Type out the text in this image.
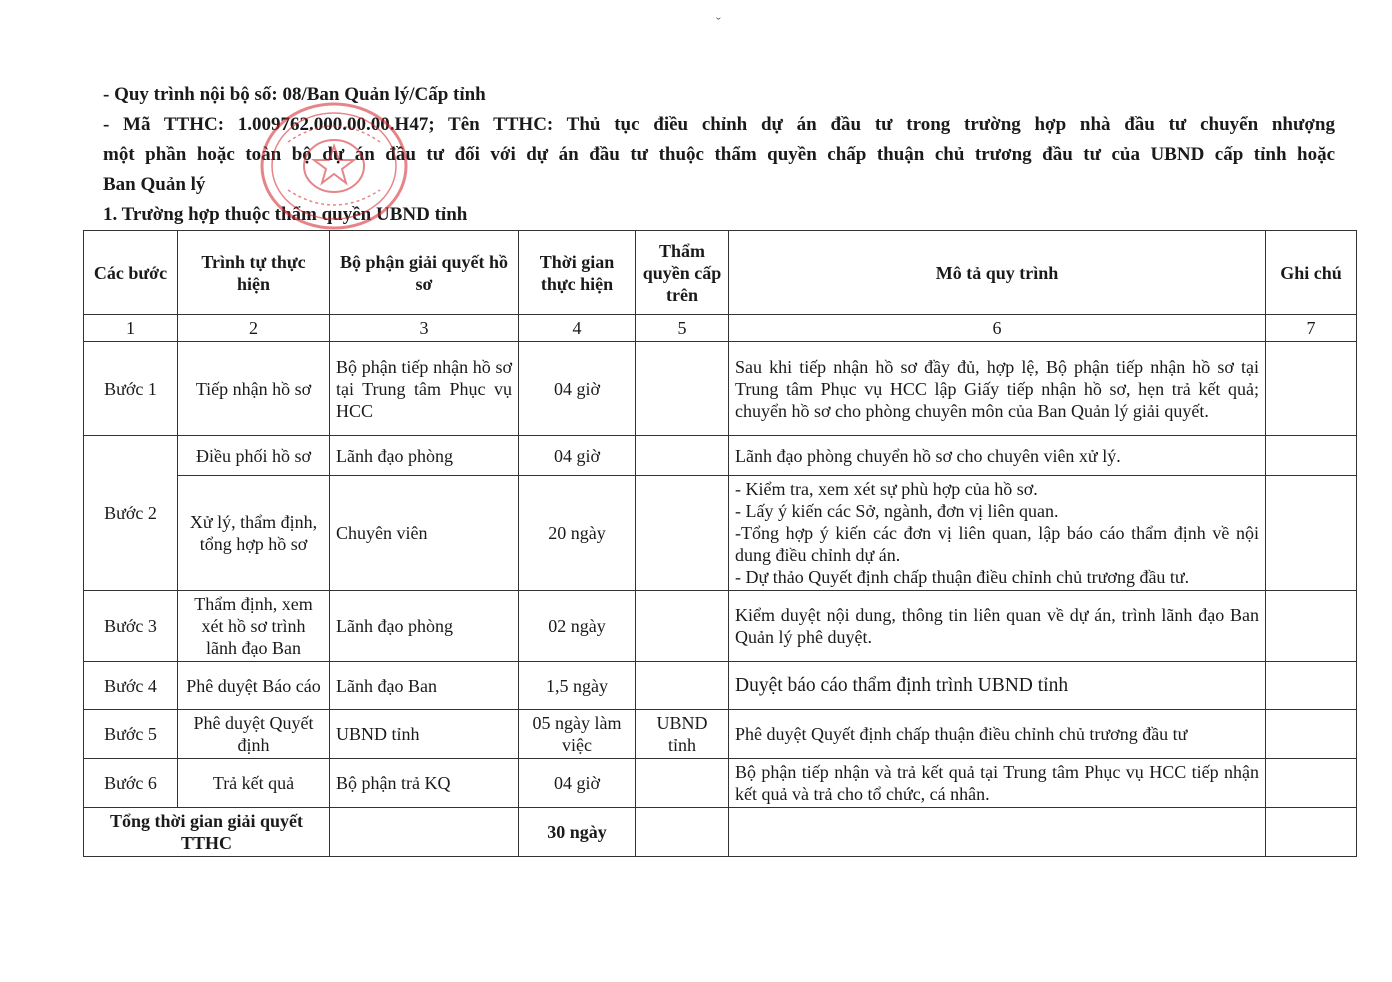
ˇ
- Quy trình nội bộ số: 08/Ban Quản lý/Cấp tỉnh
- Mã TTHC: 1.009762.000.00.00.H47; Tên TTHC: Thủ tục điều chỉnh dự án đầu tư trong trường hợp nhà đầu tư chuyển nhượng
một phần hoặc toàn bộ dự án đầu tư đối với dự án đầu tư thuộc thẩm quyền chấp thuận chủ trương đầu tư của UBND cấp tỉnh hoặc
Ban Quản lý
1. Trường hợp thuộc thẩm quyền UBND tỉnh
Các bước	Trình tự thực hiện	Bộ phận giải quyết hồ sơ	Thời gian thực hiện	Thẩm quyền cấp trên	Mô tả quy trình	Ghi chú
1	2	3	4	5	6	7
Bước 1	Tiếp nhận hồ sơ	Bộ phận tiếp nhận hồ sơ tại Trung tâm Phục vụ HCC	04 giờ		Sau khi tiếp nhận hồ sơ đầy đủ, hợp lệ, Bộ phận tiếp nhận hồ sơ tại Trung tâm Phục vụ HCC lập Giấy tiếp nhận hồ sơ, hẹn trả kết quả; chuyển hồ sơ cho phòng chuyên môn của Ban Quản lý giải quyết.	
Bước 2	Điều phối hồ sơ	Lãnh đạo phòng	04 giờ		Lãnh đạo phòng chuyển hồ sơ cho chuyên viên xử lý.	
	Xử lý, thẩm định, tổng hợp hồ sơ	Chuyên viên	20 ngày		- Kiểm tra, xem xét sự phù hợp của hồ sơ.
- Lấy ý kiến các Sở, ngành, đơn vị liên quan.
-Tổng hợp ý kiến các đơn vị liên quan, lập báo cáo thẩm định về nội dung điều chỉnh dự án.
- Dự thảo Quyết định chấp thuận điều chỉnh chủ trương đầu tư.	

Bước 3	Thẩm định, xem xét hồ sơ trình lãnh đạo Ban	Lãnh đạo phòng	02 ngày		Kiểm duyệt nội dung, thông tin liên quan về dự án, trình lãnh đạo Ban Quản lý phê duyệt.	
Bước 4	Phê duyệt Báo cáo	Lãnh đạo Ban	1,5 ngày		Duyệt báo cáo thẩm định trình UBND tỉnh	
Bước 5	Phê duyệt Quyết định	UBND tỉnh	05 ngày làm việc	UBND tỉnh	Phê duyệt Quyết định chấp thuận điều chỉnh chủ trương đầu tư	
Bước 6	Trả kết quả	Bộ phận trả KQ	04 giờ		Bộ phận tiếp nhận và trả kết quả tại Trung tâm Phục vụ HCC tiếp nhận kết quả và trả cho tổ chức, cá nhân.	
Tổng thời gian giải quyết TTHC			30 ngày			
